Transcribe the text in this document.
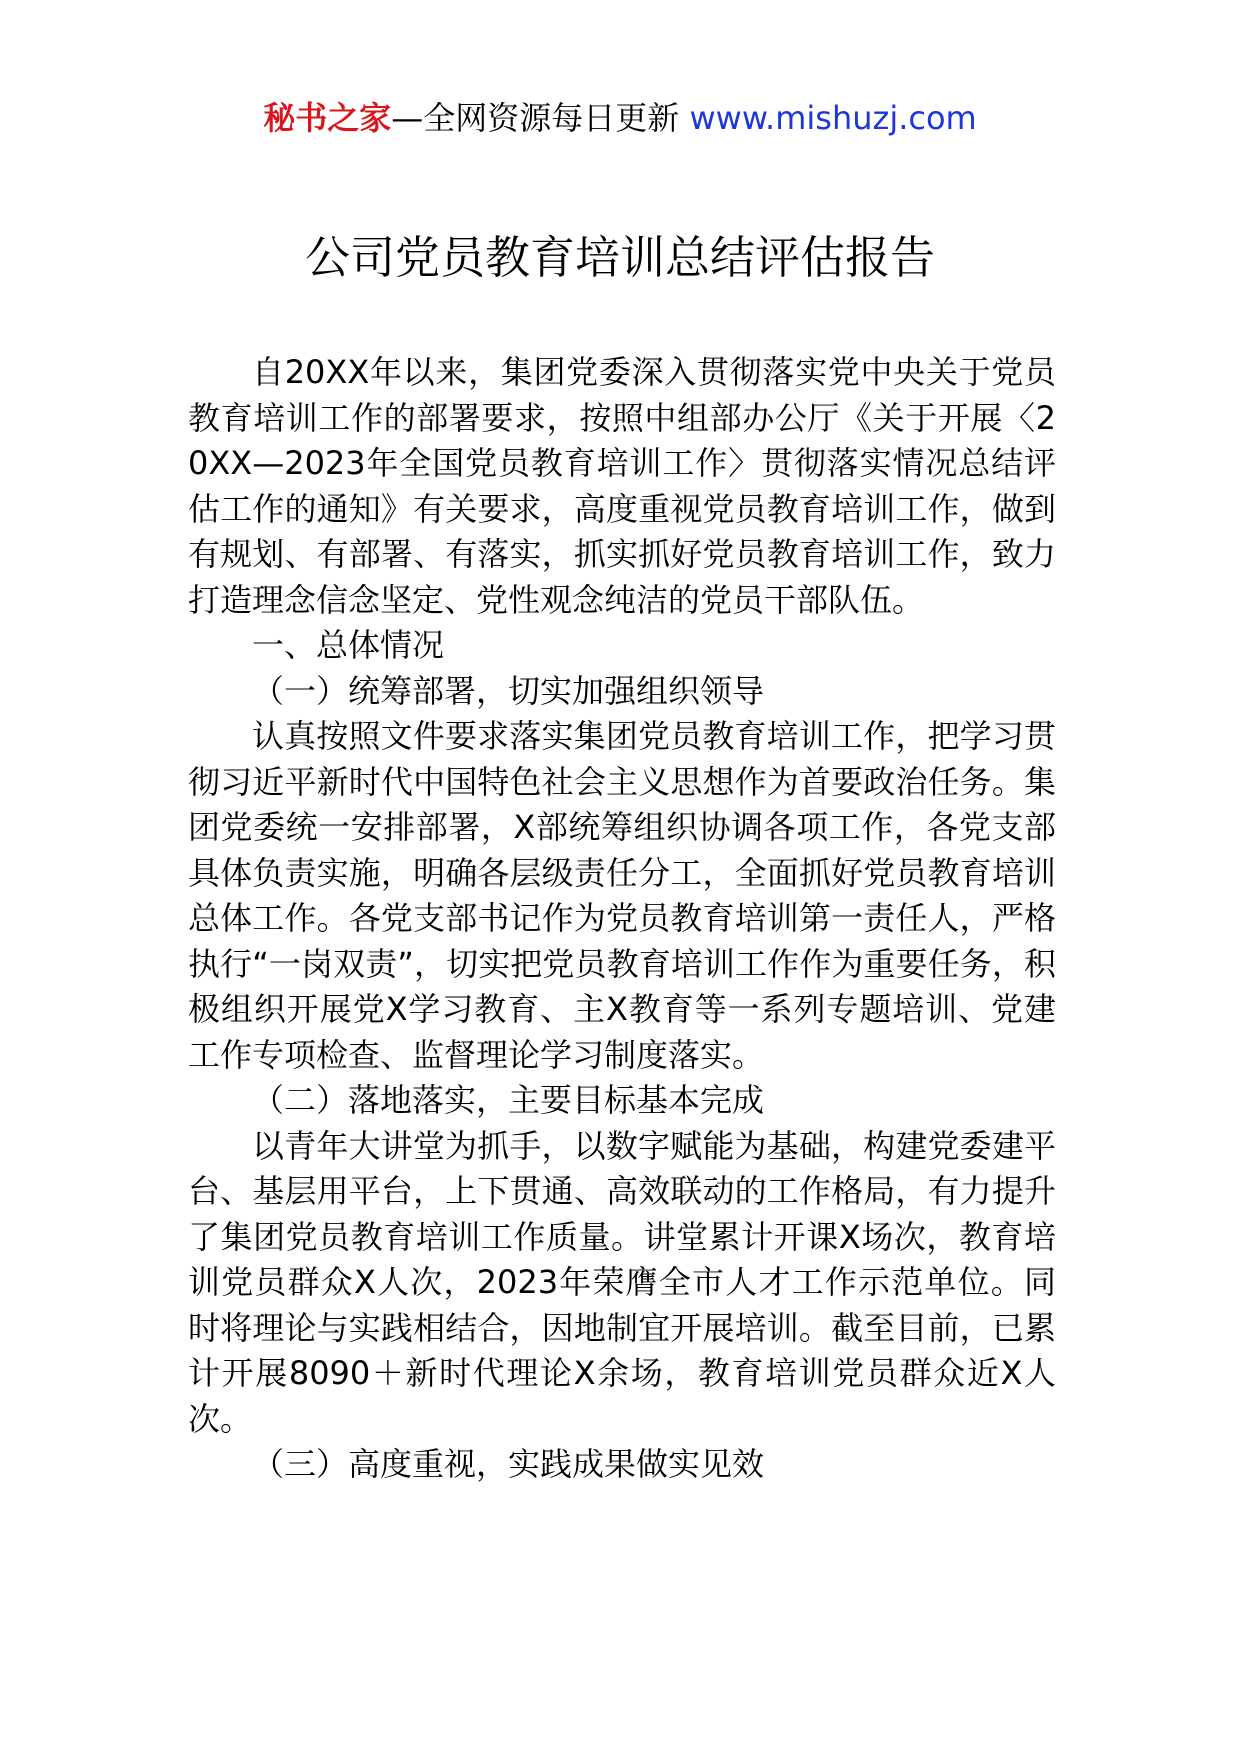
秘书之家—全网资源每日更新 www.mishuzj.com
公司党员教育培训总结评估报告

自20XX年以来，集团党委深入贯彻落实党中央关于党员教育培训工作的部署要求，按照中组部办公厅《关于开展〈20XX—2023年全国党员教育培训工作〉贯彻落实情况总结评估工作的通知》有关要求，高度重视党员教育培训工作，做到有规划、有部署、有落实，抓实抓好党员教育培训工作，致力打造理念信念坚定、党性观念纯洁的党员干部队伍。

一、总体情况

（一）统筹部署，切实加强组织领导

认真按照文件要求落实集团党员教育培训工作，把学习贯彻习近平新时代中国特色社会主义思想作为首要政治任务。集团党委统一安排部署，X部统筹组织协调各项工作，各党支部具体负责实施，明确各层级责任分工，全面抓好党员教育培训总体工作。各党支部书记作为党员教育培训第一责任人，严格执行“一岗双责”，切实把党员教育培训工作作为重要任务，积极组织开展党X学习教育、主X教育等一系列专题培训、党建工作专项检查、监督理论学习制度落实。

（二）落地落实，主要目标基本完成

以青年大讲堂为抓手，以数字赋能为基础，构建党委建平台、基层用平台，上下贯通、高效联动的工作格局，有力提升了集团党员教育培训工作质量。讲堂累计开课X场次，教育培训党员群众X人次，2023年荣膺全市人才工作示范单位。同时将理论与实践相结合，因地制宜开展培训。截至目前，已累计开展8090＋新时代理论X余场，教育培训党员群众近X人次。

（三）高度重视，实践成果做实见效
